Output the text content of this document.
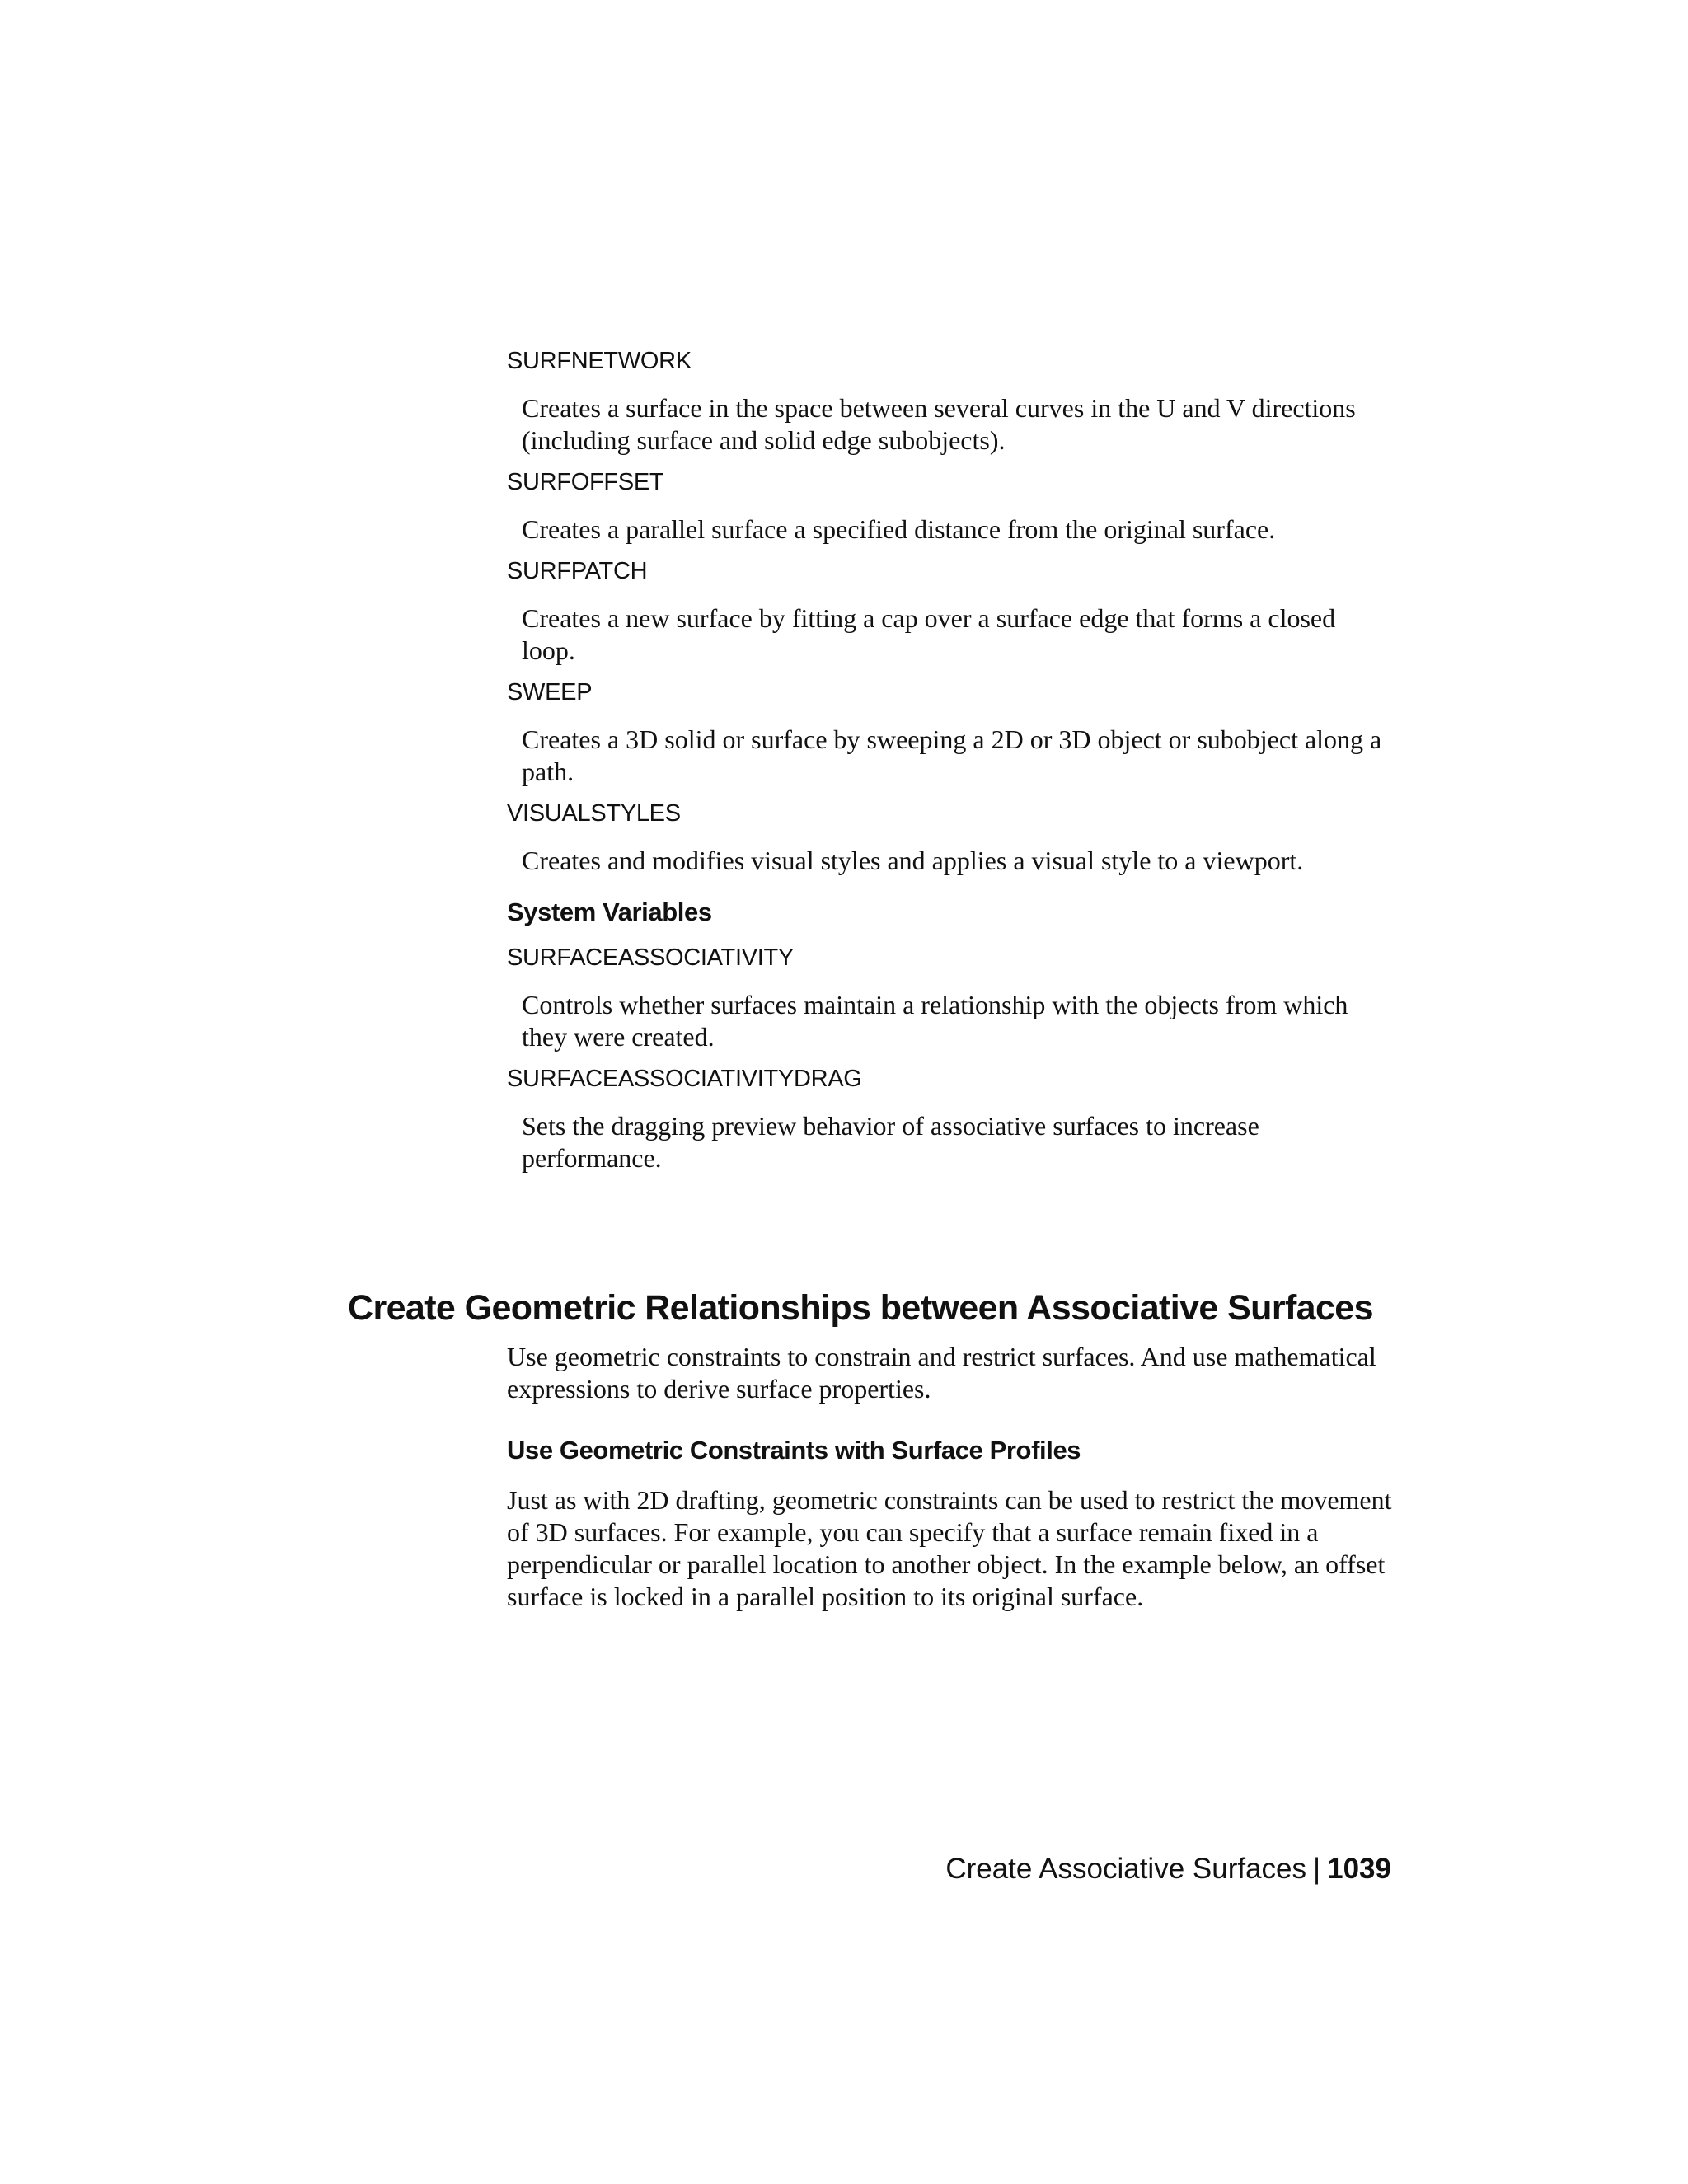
SURFNETWORK
Creates a surface in the space between several curves in the U and V directions (including surface and solid edge subobjects).
SURFOFFSET
Creates a parallel surface a specified distance from the original surface.
SURFPATCH
Creates a new surface by fitting a cap over a surface edge that forms a closed loop.
SWEEP
Creates a 3D solid or surface by sweeping a 2D or 3D object or subobject along a path.
VISUALSTYLES
Creates and modifies visual styles and applies a visual style to a viewport.
System Variables
SURFACEASSOCIATIVITY
Controls whether surfaces maintain a relationship with the objects from which they were created.
SURFACEASSOCIATIVITYDRAG
Sets the dragging preview behavior of associative surfaces to increase performance.
Create Geometric Relationships between Associative Surfaces

Use geometric constraints to constrain and restrict surfaces. And use mathematical expressions to derive surface properties.

Use Geometric Constraints with Surface Profiles

Just as with 2D drafting, geometric constraints can be used to restrict the movement of 3D surfaces. For example, you can specify that a surface remain fixed in a perpendicular or parallel location to another object. In the example below, an offset surface is locked in a parallel position to its original surface.

Create Associative Surfaces | 1039
